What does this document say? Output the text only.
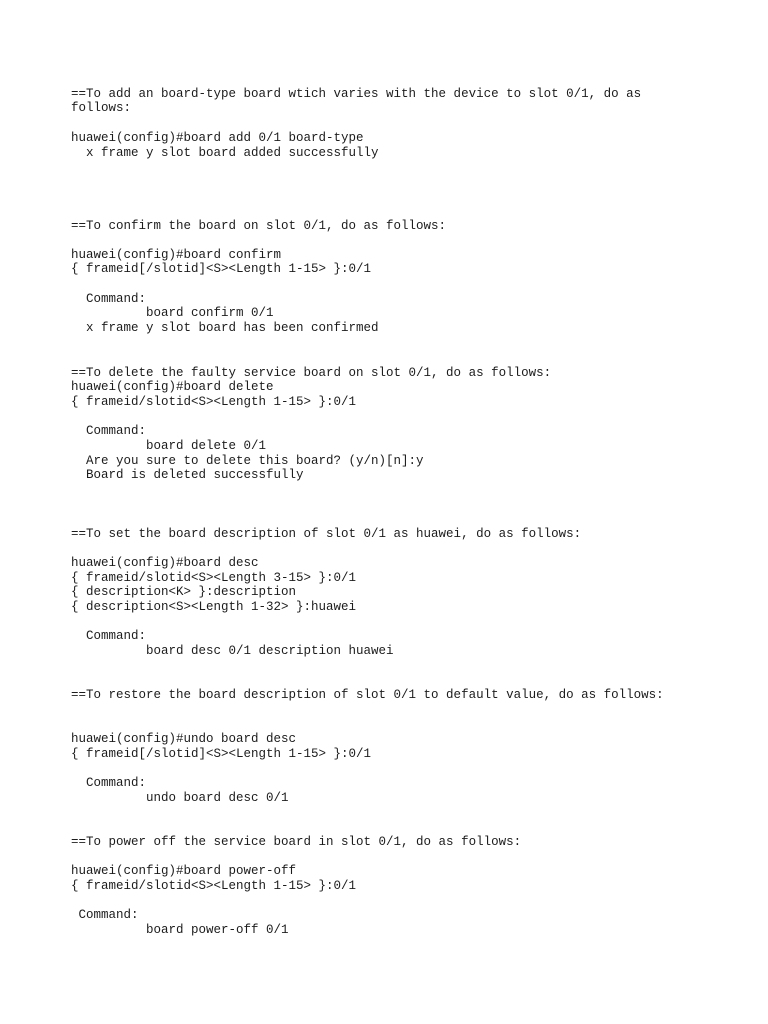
==To add an board-type board wtich varies with the device to slot 0/1, do as
follows:
huawei(config)#board add 0/1 board-type
x frame y slot board added successfully
==To confirm the board on slot 0/1, do as follows:
huawei(config)#board confirm
{ frameid[/slotid]<S><Length 1-15> }:0/1
Command:
board confirm 0/1
x frame y slot board has been confirmed
==To delete the faulty service board on slot 0/1, do as follows:
huawei(config)#board delete
{ frameid/slotid<S><Length 1-15> }:0/1
Command:
board delete 0/1
Are you sure to delete this board? (y/n)[n]:y
Board is deleted successfully
==To set the board description of slot 0/1 as huawei, do as follows:
huawei(config)#board desc
{ frameid/slotid<S><Length 3-15> }:0/1
{ description<K> }:description
{ description<S><Length 1-32> }:huawei
Command:
board desc 0/1 description huawei
==To restore the board description of slot 0/1 to default value, do as follows:
huawei(config)#undo board desc
{ frameid[/slotid]<S><Length 1-15> }:0/1
Command:
undo board desc 0/1
==To power off the service board in slot 0/1, do as follows:
huawei(config)#board power-off
{ frameid/slotid<S><Length 1-15> }:0/1
Command:
board power-off 0/1
